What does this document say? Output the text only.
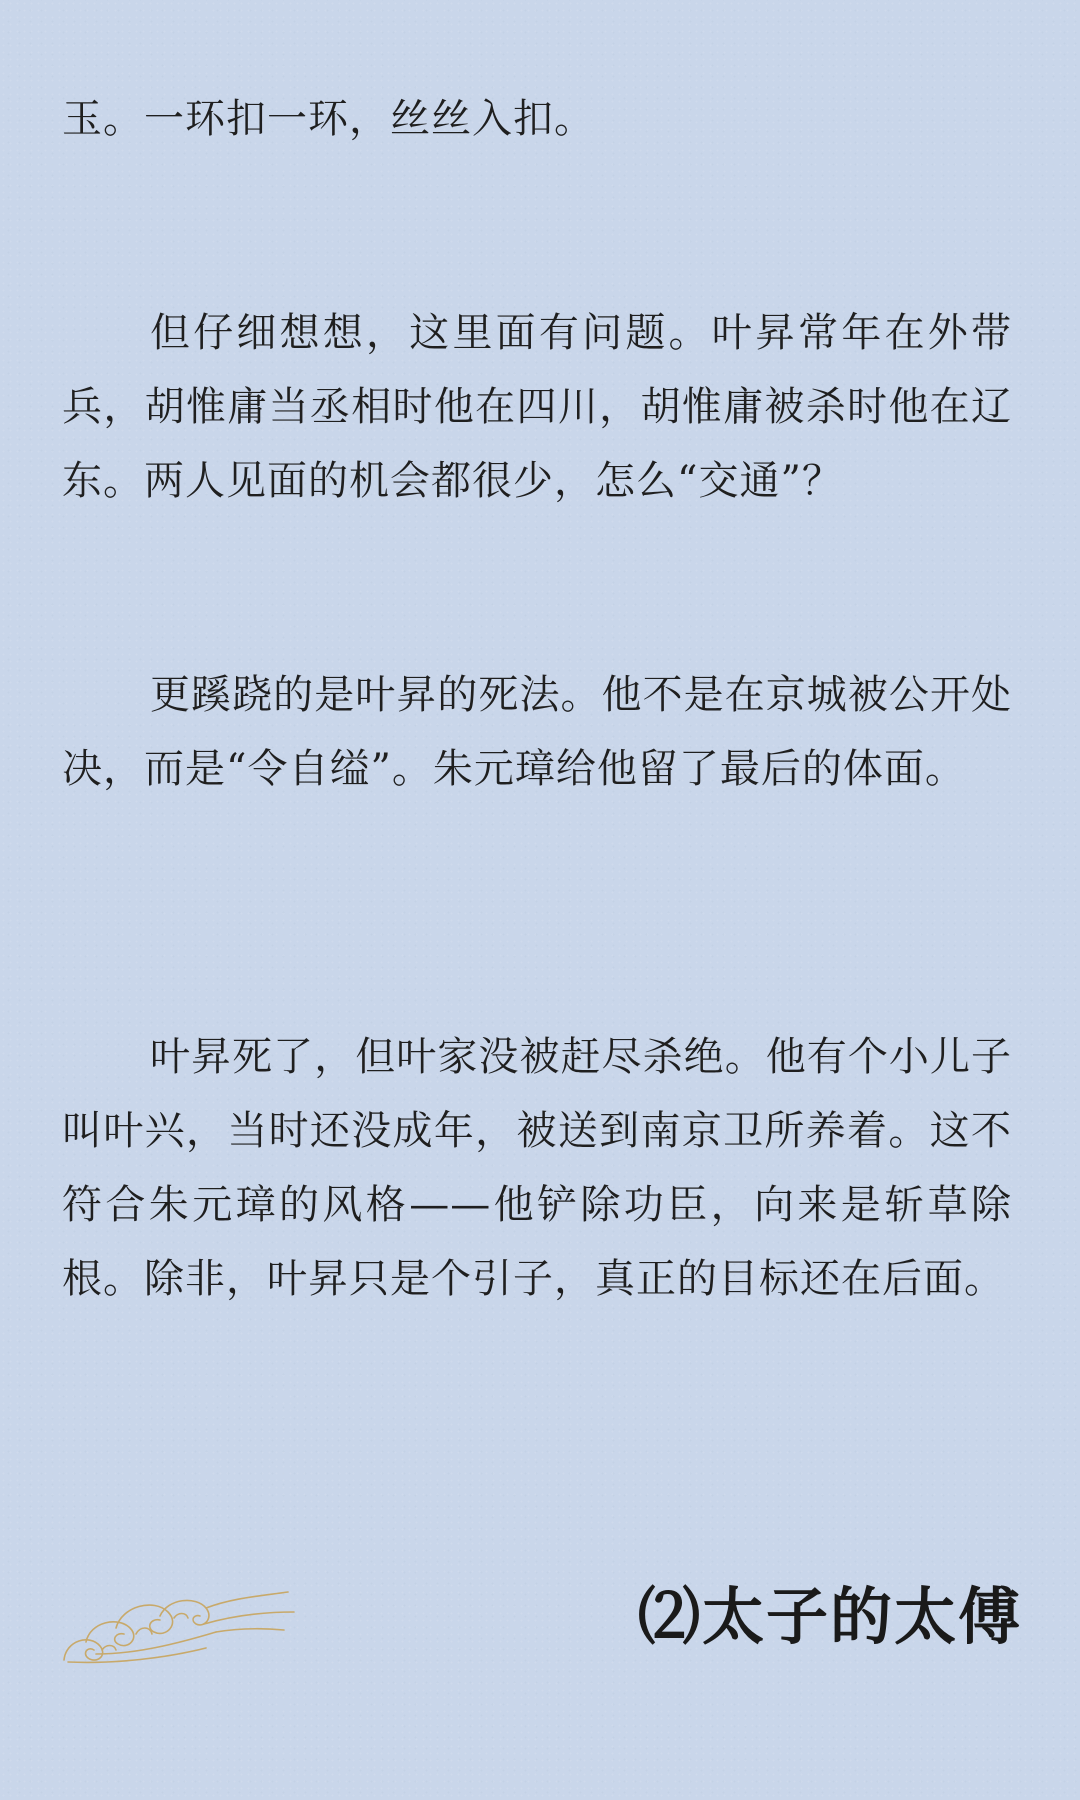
玉。一环扣一环，丝丝入扣。

但仔细想想，这里面有问题。叶昇常年在外带兵，胡惟庸当丞相时他在四川，胡惟庸被杀时他在辽东。两人见面的机会都很少，怎么“交通”？

更蹊跷的是叶昇的死法。他不是在京城被公开处决，而是“令自缢”。朱元璋给他留了最后的体面。

叶昇死了，但叶家没被赶尽杀绝。他有个小儿子叫叶兴，当时还没成年，被送到南京卫所养着。这不符合朱元璋的风格——他铲除功臣，向来是斩草除根。除非，叶昇只是个引子，真正的目标还在后面。

⑵太子的太傅
